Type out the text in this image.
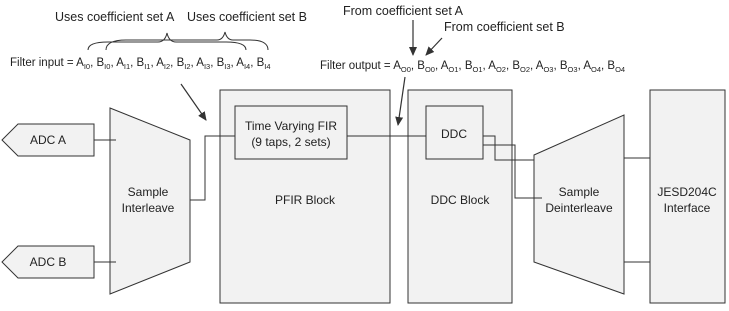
Uses coefficient set A Uses coefficient set B	From coefficient set A
From coefficient set B
Filter input = $A_{I0}$, $B_{I0}$, $A_{I1}$, $B_{I1}$, $A_{I2}$, $B_{I2}$, $A_{I3}$, $B_{I3}$, $A_{I4}$, $B_{I4}$	Filter output = $A_{O0}$, $B_{O0}$, $A_{O1}$, $B_{O1}$, $A_{O2}$, $B_{O2}$, $A_{O3}$, $B_{O3}$, $A_{O4}$, $B_{O4}$
ADC A
ADC B
Sample
Interleave
PFIR Block
Time Varying FIR
(9 taps, 2 sets)
DDC Block
DDC
Sample
Deinterleave
JESD204C
Interface
